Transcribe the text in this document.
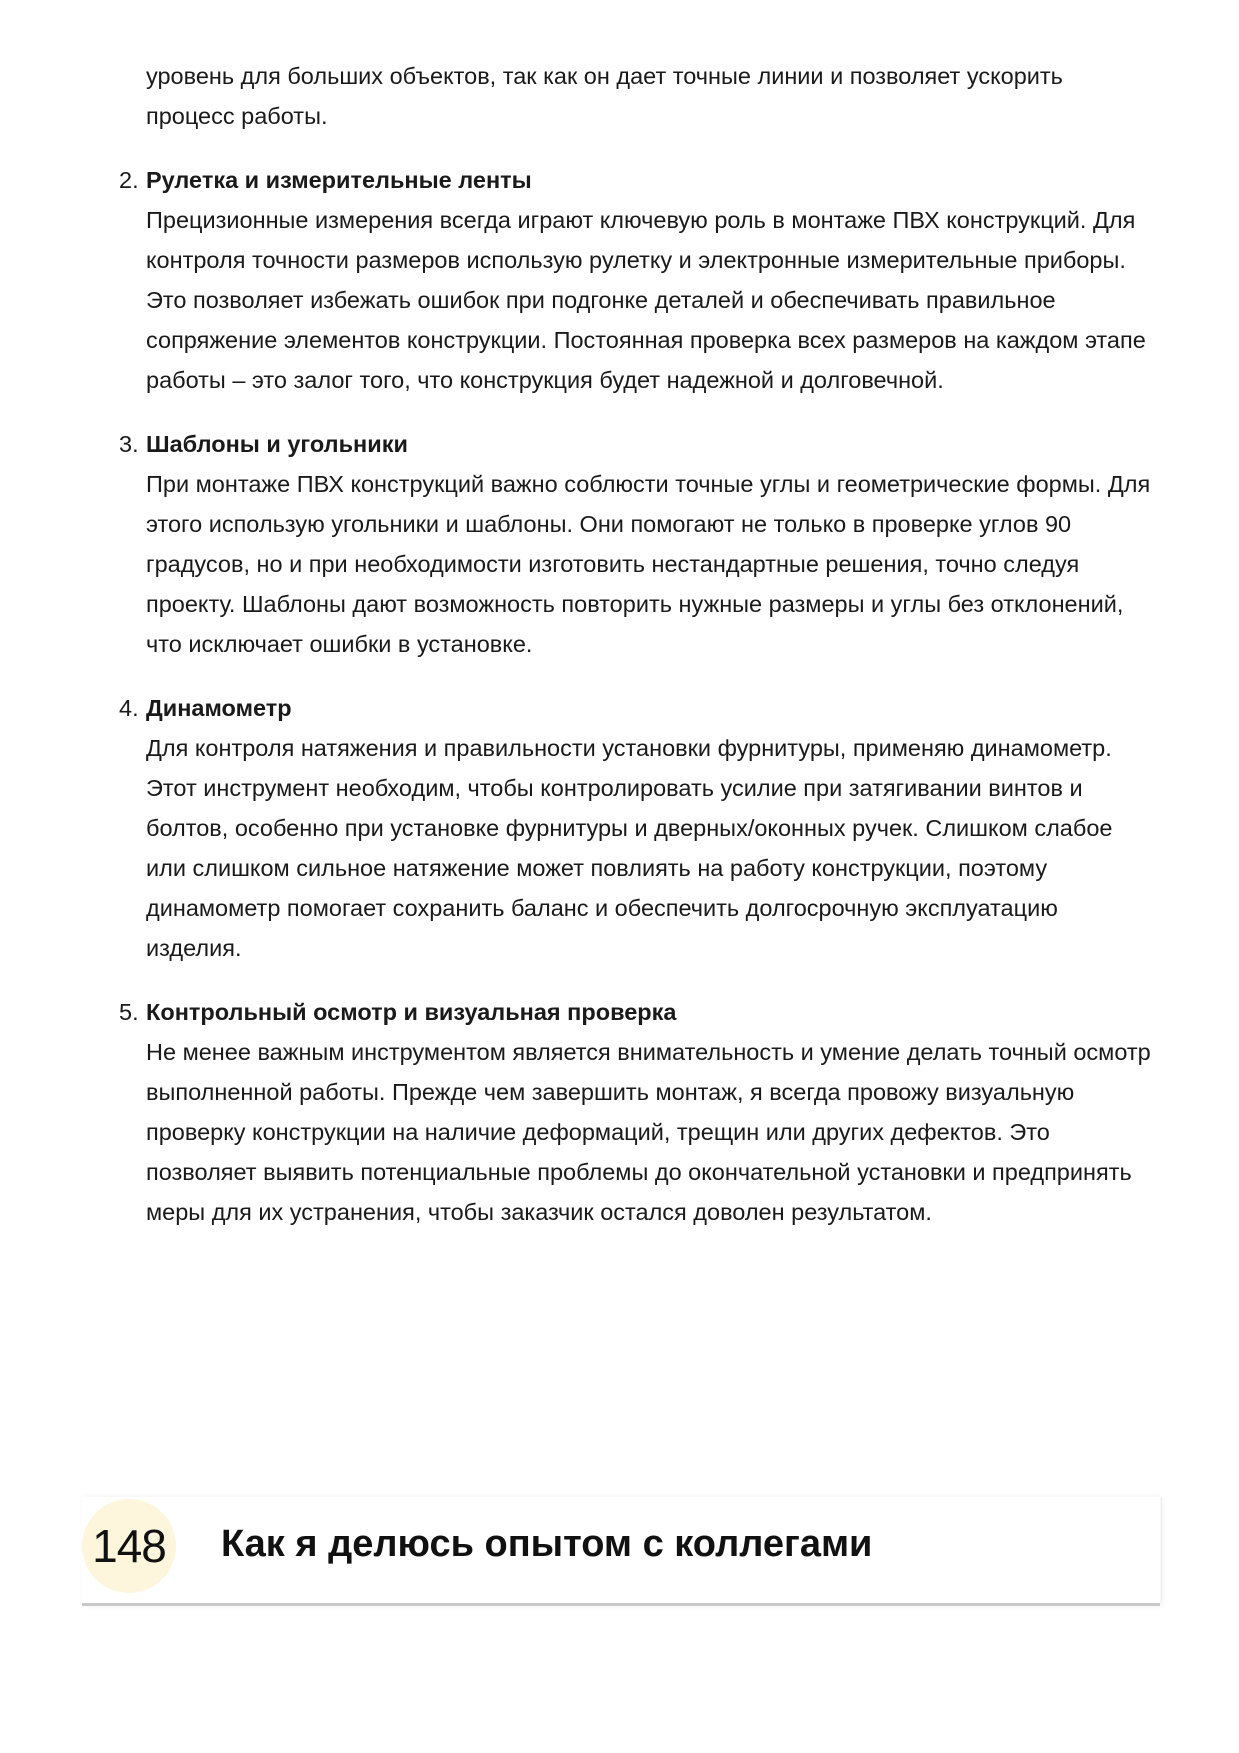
уровень для больших объектов, так как он дает точные линии и позволяет ускорить процесс работы.

2. Рулетка и измерительные ленты

Прецизионные измерения всегда играют ключевую роль в монтаже ПВХ конструкций. Для контроля точности размеров использую рулетку и электронные измерительные приборы. Это позволяет избежать ошибок при подгонке деталей и обеспечивать правильное сопряжение элементов конструкции. Постоянная проверка всех размеров на каждом этапе работы – это залог того, что конструкция будет надежной и долговечной.

3. Шаблоны и угольники

При монтаже ПВХ конструкций важно соблюсти точные углы и геометрические формы. Для этого использую угольники и шаблоны. Они помогают не только в проверке углов 90 градусов, но и при необходимости изготовить нестандартные решения, точно следуя проекту. Шаблоны дают возможность повторить нужные размеры и углы без отклонений, что исключает ошибки в установке.

4. Динамометр

Для контроля натяжения и правильности установки фурнитуры, применяю динамометр. Этот инструмент необходим, чтобы контролировать усилие при затягивании винтов и болтов, особенно при установке фурнитуры и дверных/оконных ручек. Слишком слабое или слишком сильное натяжение может повлиять на работу конструкции, поэтому динамометр помогает сохранить баланс и обеспечить долгосрочную эксплуатацию изделия.

5. Контрольный осмотр и визуальная проверка

Не менее важным инструментом является внимательность и умение делать точный осмотр выполненной работы. Прежде чем завершить монтаж, я всегда провожу визуальную проверку конструкции на наличие деформаций, трещин или других дефектов. Это позволяет выявить потенциальные проблемы до окончательной установки и предпринять меры для их устранения, чтобы заказчик остался доволен результатом.

148 Как я делюсь опытом с коллегами
